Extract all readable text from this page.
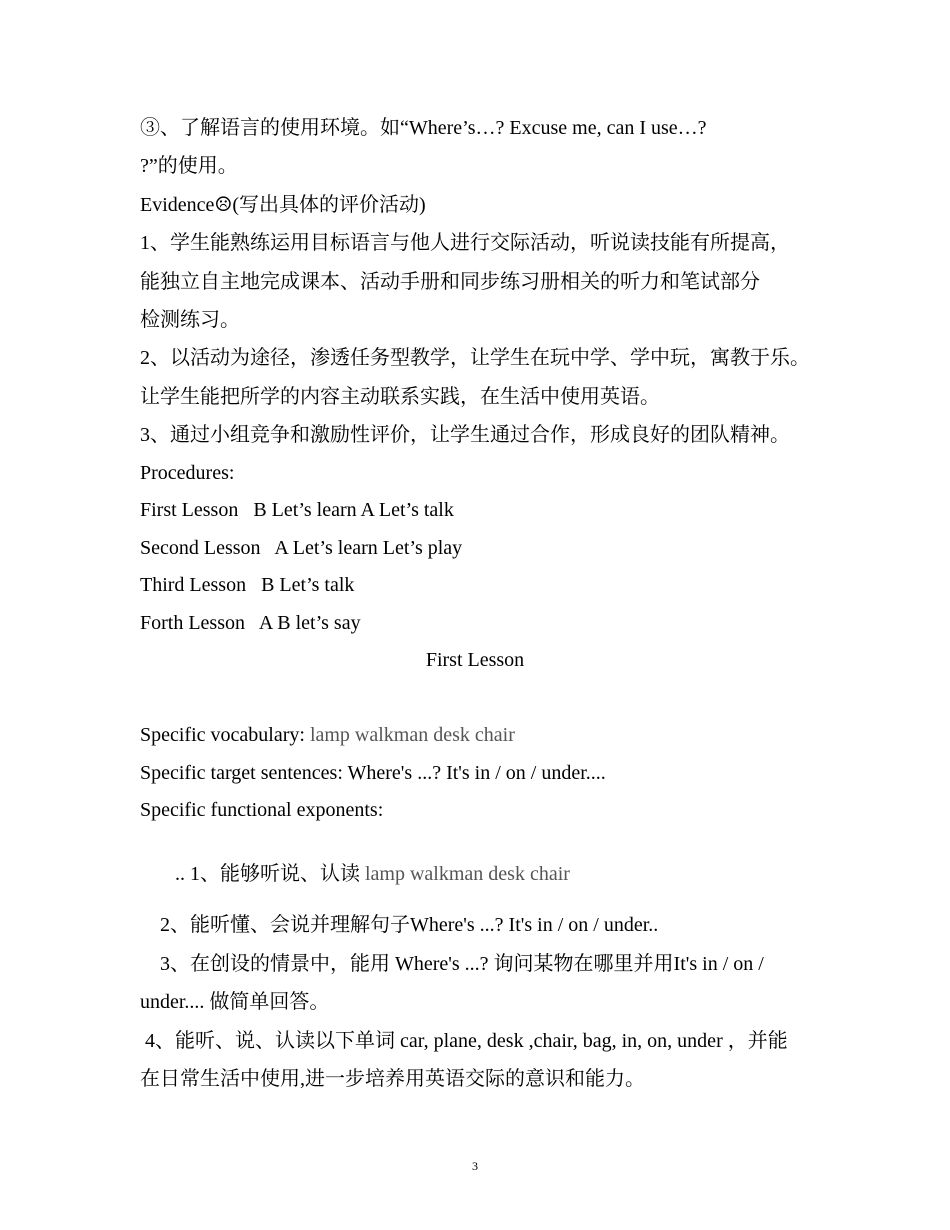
③、了解语言的使用环境。如“Where’s…? Excuse me, can I use…?
?”的使用。
Evidence☹(写出具体的评价活动)
1、学生能熟练运用目标语言与他人进行交际活动，听说读技能有所提高，
能独立自主地完成课本、活动手册和同步练习册相关的听力和笔试部分
检测练习。
2、以活动为途径，渗透任务型教学，让学生在玩中学、学中玩，寓教于乐。
让学生能把所学的内容主动联系实践，在生活中使用英语。
3、通过小组竞争和激励性评价，让学生通过合作，形成良好的团队精神。
Procedures:
First Lesson   B Let’s learn A Let’s talk
Second Lesson   A Let’s learn Let’s play
Third Lesson   B Let’s talk
Forth Lesson   A B let’s say
First Lesson
Specific vocabulary: lamp walkman desk chair
Specific target sentences: Where's ...? It's in / on / under....
Specific functional exponents:

.. 1、能够听说、认读 lamp walkman desk chair

2、能听懂、会说并理解句子Where's ...? It's in / on / under..
3、在创设的情景中，能用 Where's ...? 询问某物在哪里并用It's in / on /
under.... 做简单回答。
4、能听、说、认读以下单词 car, plane, desk ,chair, bag, in, on, under ，并能
在日常生活中使用,进一步培养用英语交际的意识和能力。
3
